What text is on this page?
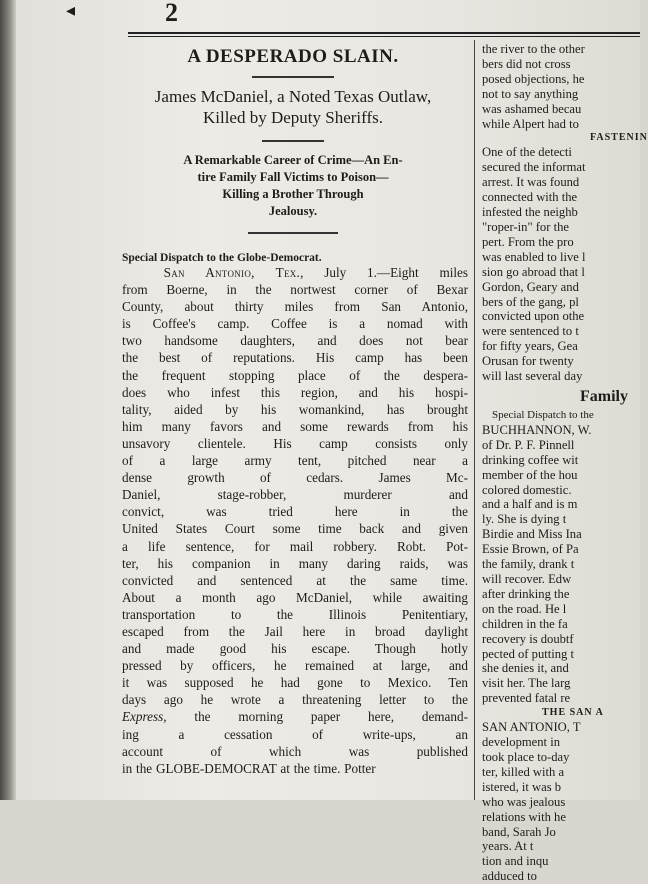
◂	2
A DESPERADO SLAIN.

James McDaniel, a Noted Texas Outlaw,
Killed by Deputy Sheriffs.

A Remarkable Career of Crime—An En-
tire Family Fall Victims to Poison—
Killing a Brother Through
Jealousy.

Special Dispatch to the Globe-Democrat.
San Antonio, Tex., July 1.—Eight miles
from Boerne, in the nortwest corner of Bexar
County, about thirty miles from San Antonio,
is Coffee's camp. Coffee is a nomad with
two handsome daughters, and does not bear
the best of reputations. His camp has been
the frequent stopping place of the despera-
does who infest this region, and his hospi-
tality, aided by his womankind, has brought
him many favors and some rewards from his
unsavory clientele. His camp consists only
of a large army tent, pitched near a
dense growth of cedars. James Mc-
Daniel, stage-robber, murderer and
convict, was tried here in the
United States Court some time back and given
a life sentence, for mail robbery. Robt. Pot-
ter, his companion in many daring raids, was
convicted and sentenced at the same time.
About a month ago McDaniel, while awaiting
transportation to the Illinois Penitentiary,
escaped from the Jail here in broad daylight
and made good his escape. Though hotly
pressed by officers, he remained at large, and
it was supposed he had gone to Mexico. Ten
days ago he wrote a threatening letter to the
Express, the morning paper here, demand-
ing a cessation of write-ups, an
account of which was published
in the GLOBE-DEMOCRAT at the time. Potter
the river to the other
bers did not cross
posed objections, he
not to say anything
was ashamed becau
while Alpert had to
FASTENIN
One of the detecti
secured the informat
arrest. It was found
connected with the
infested the neighb
"roper-in" for the
pert. From the pro
was enabled to live l
sion go abroad that l
Gordon, Geary and
bers of the gang, pl
convicted upon othe
were sentenced to t
for fifty years, Gea
Orusan for twenty
will last several day
Family
Special Dispatch to the
BUCHHANNON, W.
of Dr. P. F. Pinnell
drinking coffee wit
member of the hou
colored domestic.
and a half and is m
ly. She is dying t
Birdie and Miss Ina
Essie Brown, of Pa
the family, drank t
will recover. Edw
after drinking the
on the road. He l
children in the fa
recovery is doubtf
pected of putting t
she denies it, and
visit her. The larg
prevented fatal re
THE SAN A
SAN ANTONIO, T
development in
took place to-day
ter, killed with a
istered, it was b
who was jealous
relations with he
band, Sarah Jo
years. At t
tion and inqu
adduced to
